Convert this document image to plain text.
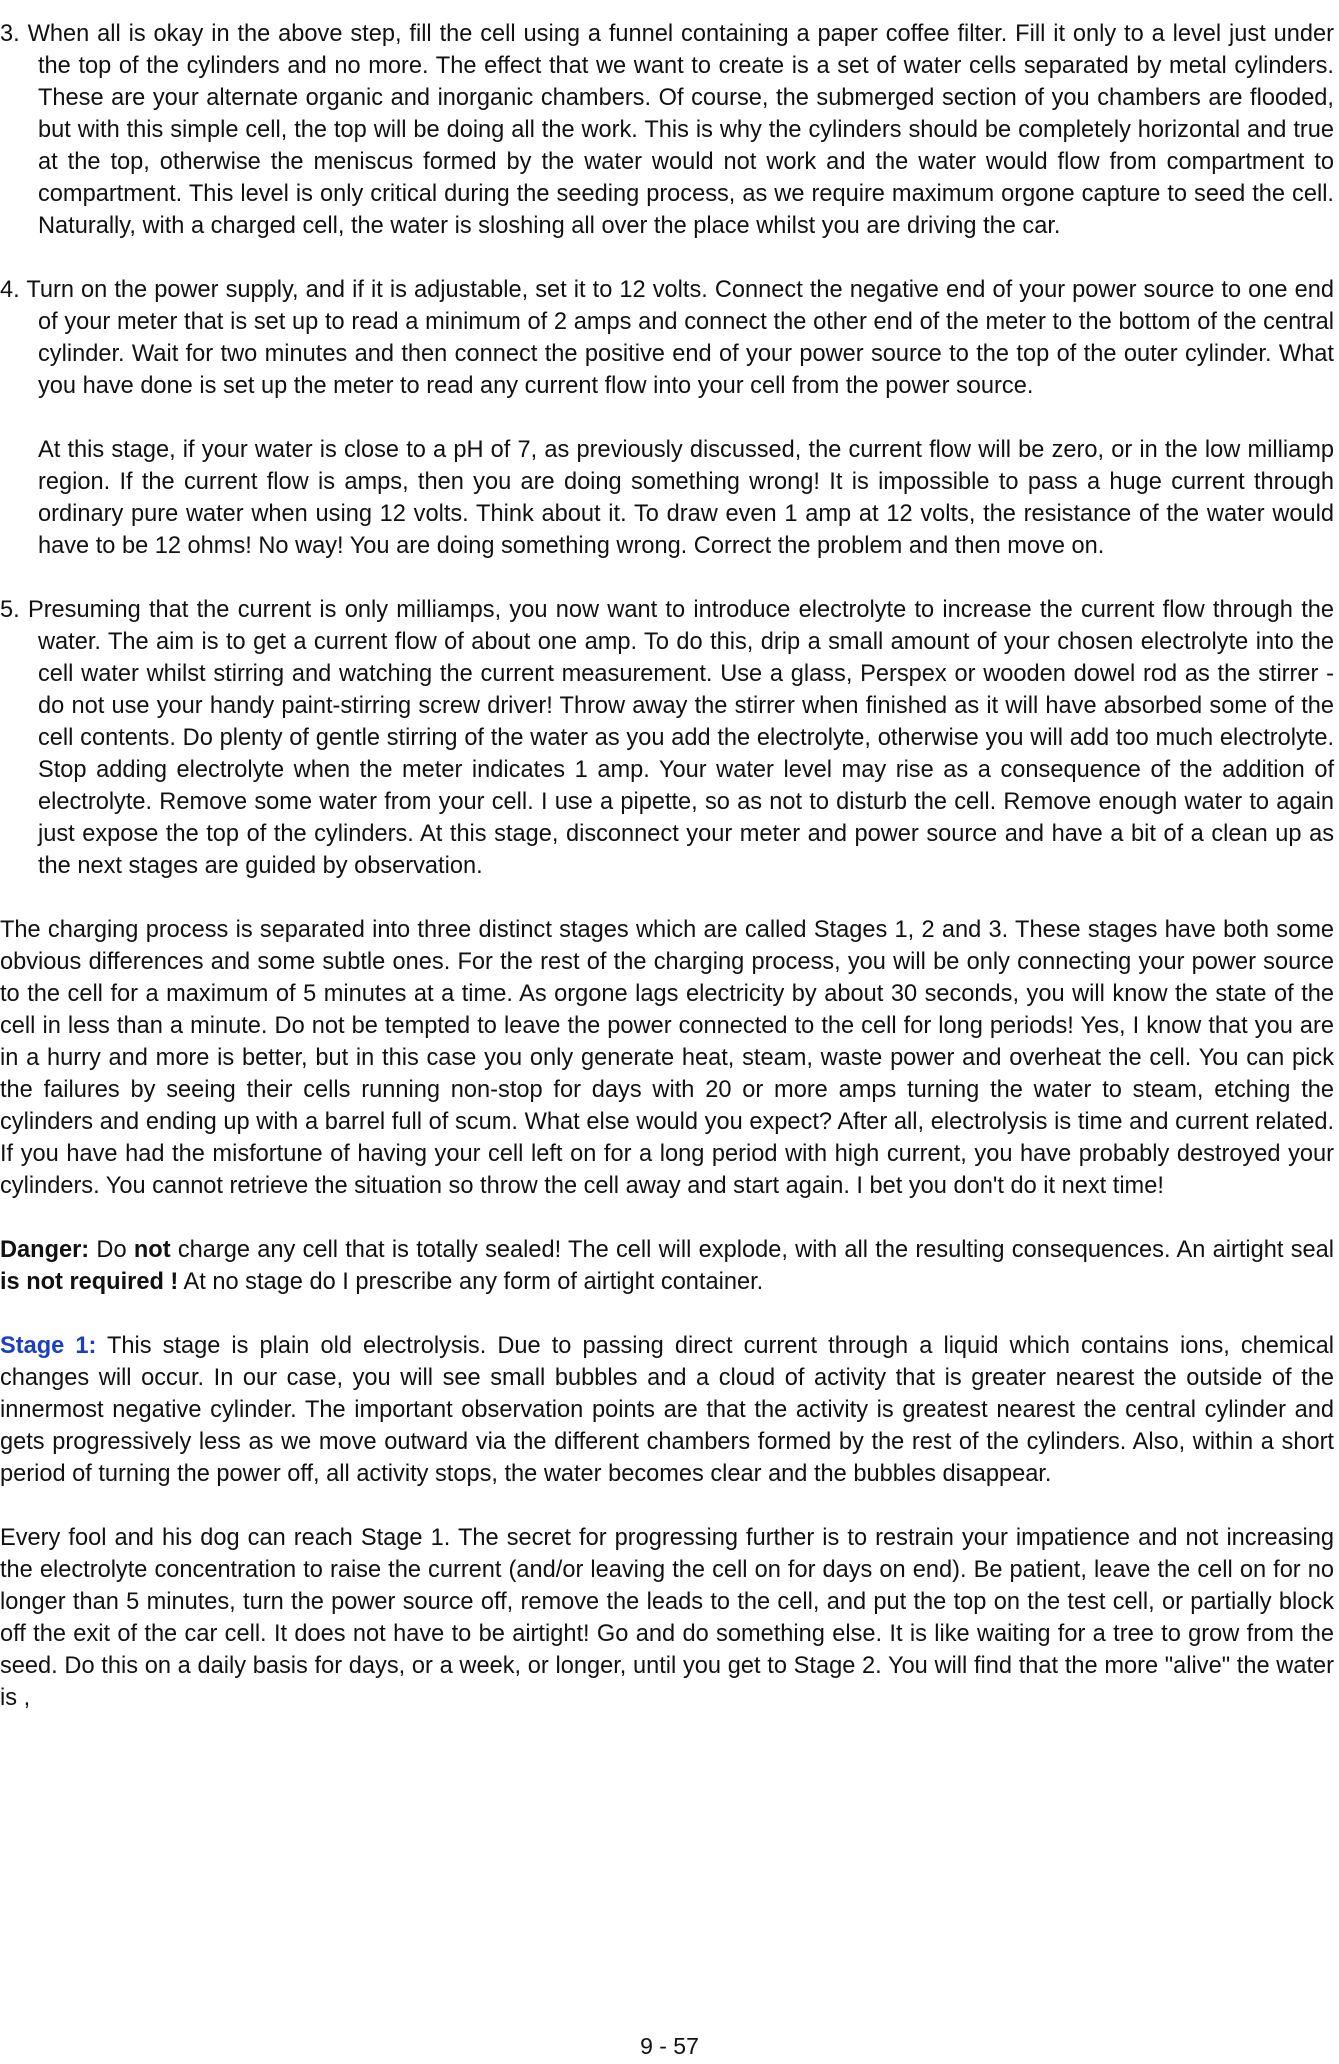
3. When all is okay in the above step, fill the cell using a funnel containing a paper coffee filter. Fill it only to a level just under the top of the cylinders and no more. The effect that we want to create is a set of water cells separated by metal cylinders. These are your alternate organic and inorganic chambers. Of course, the submerged section of you chambers are flooded, but with this simple cell, the top will be doing all the work. This is why the cylinders should be completely horizontal and true at the top, otherwise the meniscus formed by the water would not work and the water would flow from compartment to compartment. This level is only critical during the seeding process, as we require maximum orgone capture to seed the cell. Naturally, with a charged cell, the water is sloshing all over the place whilst you are driving the car.

4. Turn on the power supply, and if it is adjustable, set it to 12 volts. Connect the negative end of your power source to one end of your meter that is set up to read a minimum of 2 amps and connect the other end of the meter to the bottom of the central cylinder. Wait for two minutes and then connect the positive end of your power source to the top of the outer cylinder. What you have done is set up the meter to read any current flow into your cell from the power source.

At this stage, if your water is close to a pH of 7, as previously discussed, the current flow will be zero, or in the low milliamp region. If the current flow is amps, then you are doing something wrong! It is impossible to pass a huge current through ordinary pure water when using 12 volts. Think about it. To draw even 1 amp at 12 volts, the resistance of the water would have to be 12 ohms! No way! You are doing something wrong. Correct the problem and then move on.

5. Presuming that the current is only milliamps, you now want to introduce electrolyte to increase the current flow through the water. The aim is to get a current flow of about one amp. To do this, drip a small amount of your chosen electrolyte into the cell water whilst stirring and watching the current measurement. Use a glass, Perspex or wooden dowel rod as the stirrer - do not use your handy paint-stirring screw driver! Throw away the stirrer when finished as it will have absorbed some of the cell contents. Do plenty of gentle stirring of the water as you add the electrolyte, otherwise you will add too much electrolyte. Stop adding electrolyte when the meter indicates 1 amp. Your water level may rise as a consequence of the addition of electrolyte. Remove some water from your cell. I use a pipette, so as not to disturb the cell. Remove enough water to again just expose the top of the cylinders. At this stage, disconnect your meter and power source and have a bit of a clean up as the next stages are guided by observation.

The charging process is separated into three distinct stages which are called Stages 1, 2 and 3. These stages have both some obvious differences and some subtle ones. For the rest of the charging process, you will be only connecting your power source to the cell for a maximum of 5 minutes at a time. As orgone lags electricity by about 30 seconds, you will know the state of the cell in less than a minute. Do not be tempted to leave the power connected to the cell for long periods! Yes, I know that you are in a hurry and more is better, but in this case you only generate heat, steam, waste power and overheat the cell. You can pick the failures by seeing their cells running non-stop for days with 20 or more amps turning the water to steam, etching the cylinders and ending up with a barrel full of scum. What else would you expect? After all, electrolysis is time and current related. If you have had the misfortune of having your cell left on for a long period with high current, you have probably destroyed your cylinders. You cannot retrieve the situation so throw the cell away and start again. I bet you don't do it next time!

Danger: Do not charge any cell that is totally sealed! The cell will explode, with all the resulting consequences. An airtight seal is not required ! At no stage do I prescribe any form of airtight container.

Stage 1: This stage is plain old electrolysis. Due to passing direct current through a liquid which contains ions, chemical changes will occur. In our case, you will see small bubbles and a cloud of activity that is greater nearest the outside of the innermost negative cylinder. The important observation points are that the activity is greatest nearest the central cylinder and gets progressively less as we move outward via the different chambers formed by the rest of the cylinders. Also, within a short period of turning the power off, all activity stops, the water becomes clear and the bubbles disappear.

Every fool and his dog can reach Stage 1. The secret for progressing further is to restrain your impatience and not increasing the electrolyte concentration to raise the current (and/or leaving the cell on for days on end). Be patient, leave the cell on for no longer than 5 minutes, turn the power source off, remove the leads to the cell, and put the top on the test cell, or partially block off the exit of the car cell. It does not have to be airtight! Go and do something else. It is like waiting for a tree to grow from the seed. Do this on a daily basis for days, or a week, or longer, until you get to Stage 2. You will find that the more "alive" the water is ,

9 - 57
